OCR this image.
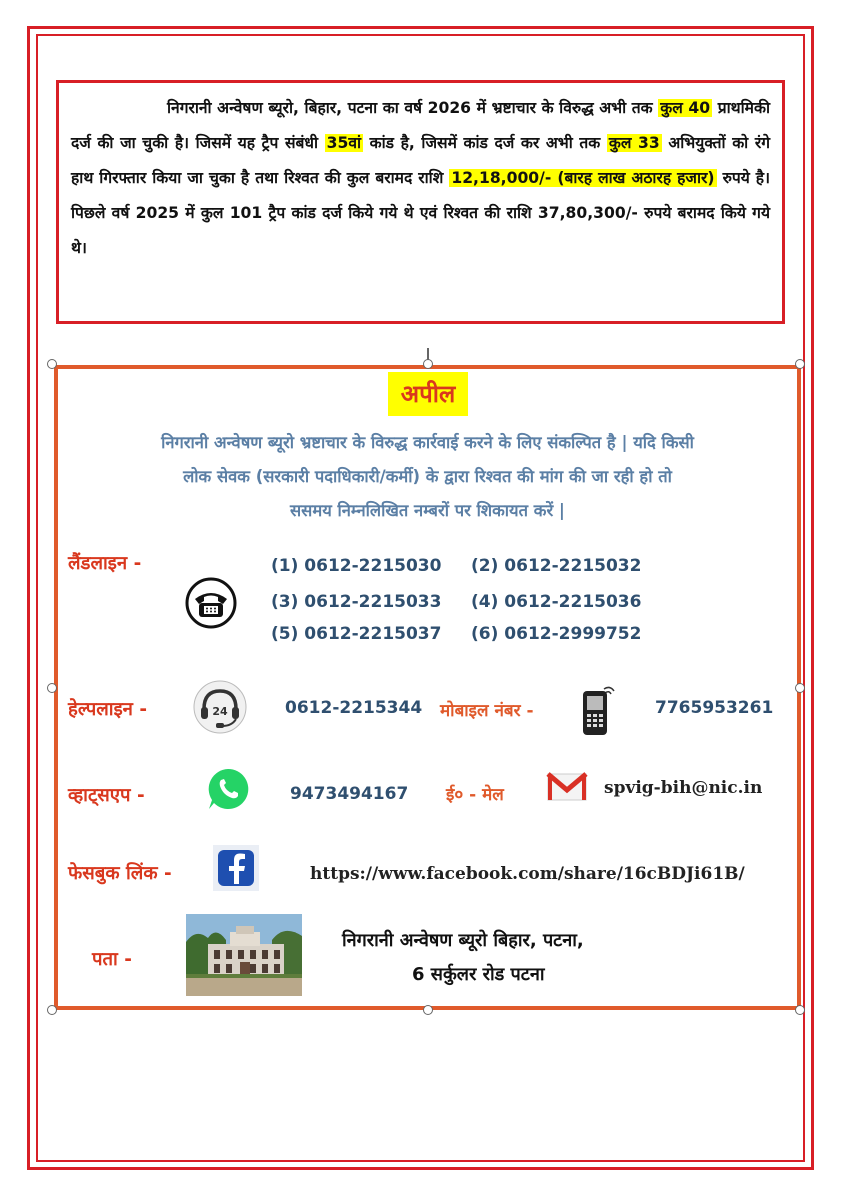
निगरानी अन्वेषण ब्यूरो, बिहार, पटना का वर्ष 2026 में भ्रष्टाचार के विरुद्ध अभी तक कुल 40 प्राथमिकी दर्ज की जा चुकी है। जिसमें यह ट्रैप संबंधी 35वां कांड है, जिसमें कांड दर्ज कर अभी तक कुल 33 अभियुक्तों को रंगे हाथ गिरफ्तार किया जा चुका है तथा रिश्वत की कुल बरामद राशि 12,18,000/- (बारह लाख अठारह हजार) रुपये है। पिछले वर्ष 2025 में कुल 101 ट्रैप कांड दर्ज किये गये थे एवं रिश्वत की राशि 37,80,300/- रुपये बरामद किये गये थे।

अपील
निगरानी अन्वेषण ब्यूरो भ्रष्टाचार के विरुद्ध कार्रवाई करने के लिए संकल्पित है | यदि किसी
लोक सेवक (सरकारी पदाधिकारी/कर्मी) के द्वारा रिश्वत की मांग की जा रही हो तो
ससमय निम्नलिखित नम्बरों पर शिकायत करें |
लैंडलाइन -	(1) 0612-2215030 (2) 0612-2215032
(3) 0612-2215033 (4) 0612-2215036
(5) 0612-2215037 (6) 0612-2999752
हेल्पलाइन -	24	0612-2215344 मोबाइल नंबर -	7765953261
व्हाट्सएप -	9473494167 ई० - मेल	spvig-bih@nic.in
फेसबुक लिंक -	https://www.facebook.com/share/16cBDJi61B/
पता -
निगरानी अन्वेषण ब्यूरो बिहार, पटना,
6 सर्कुलर रोड पटना
